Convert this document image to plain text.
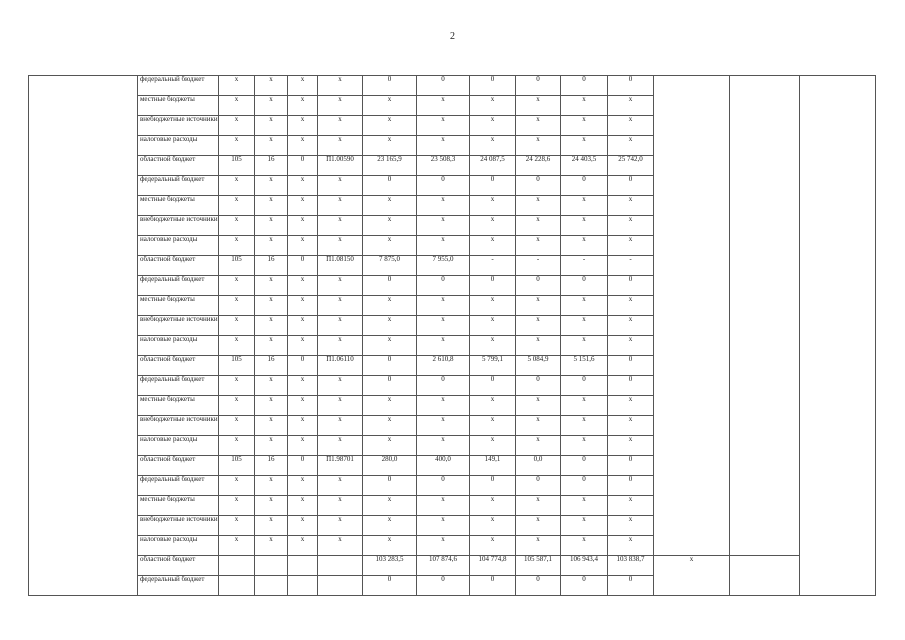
2
	федеральный бюджет	х	х	х	х	0	0	0	0	0	0			
	местные бюджеты	х	х	х	х	х	х	х	х	х	х			
	внебюджетные источники	х	х	х	х	х	х	х	х	х	х			
	налоговые расходы	х	х	х	х	х	х	х	х	х	х			
	областной бюджет	105	16	0	П1.00590	23 165,9	23 508,3	24 087,5	24 228,6	24 403,5	25 742,0			
	федеральный бюджет	х	х	х	х	0	0	0	0	0	0			
	местные бюджеты	х	х	х	х	х	х	х	х	х	х			
	внебюджетные источники	х	х	х	х	х	х	х	х	х	х			
	налоговые расходы	х	х	х	х	х	х	х	х	х	х			
	областной бюджет	105	16	0	П1.08150	7 875,0	7 955,0	-	-	-	-			
	федеральный бюджет	х	х	х	х	0	0	0	0	0	0			
	местные бюджеты	х	х	х	х	х	х	х	х	х	х			
	внебюджетные источники	х	х	х	х	х	х	х	х	х	х			
	налоговые расходы	х	х	х	х	х	х	х	х	х	х			
	областной бюджет	105	16	0	П1.06110	0	2 610,8	5 799,1	5 084,9	5 151,6	0			
	федеральный бюджет	х	х	х	х	0	0	0	0	0	0			
	местные бюджеты	х	х	х	х	х	х	х	х	х	х			
	внебюджетные источники	х	х	х	х	х	х	х	х	х	х			
	налоговые расходы	х	х	х	х	х	х	х	х	х	х			
	областной бюджет	105	16	0	П1.98701	280,0	400,0	149,1	0,0	0	0			
	федеральный бюджет	х	х	х	х	0	0	0	0	0	0			
	местные бюджеты	х	х	х	х	х	х	х	х	х	х			
	внебюджетные источники	х	х	х	х	х	х	х	х	х	х			
	налоговые расходы	х	х	х	х	х	х	х	х	х	х			
	областной бюджет					103 283,5	107 874,6	104 774,8	105 587,1	106 943,4	103 838,7	х		
	федеральный бюджет					0	0	0	0	0	0			
